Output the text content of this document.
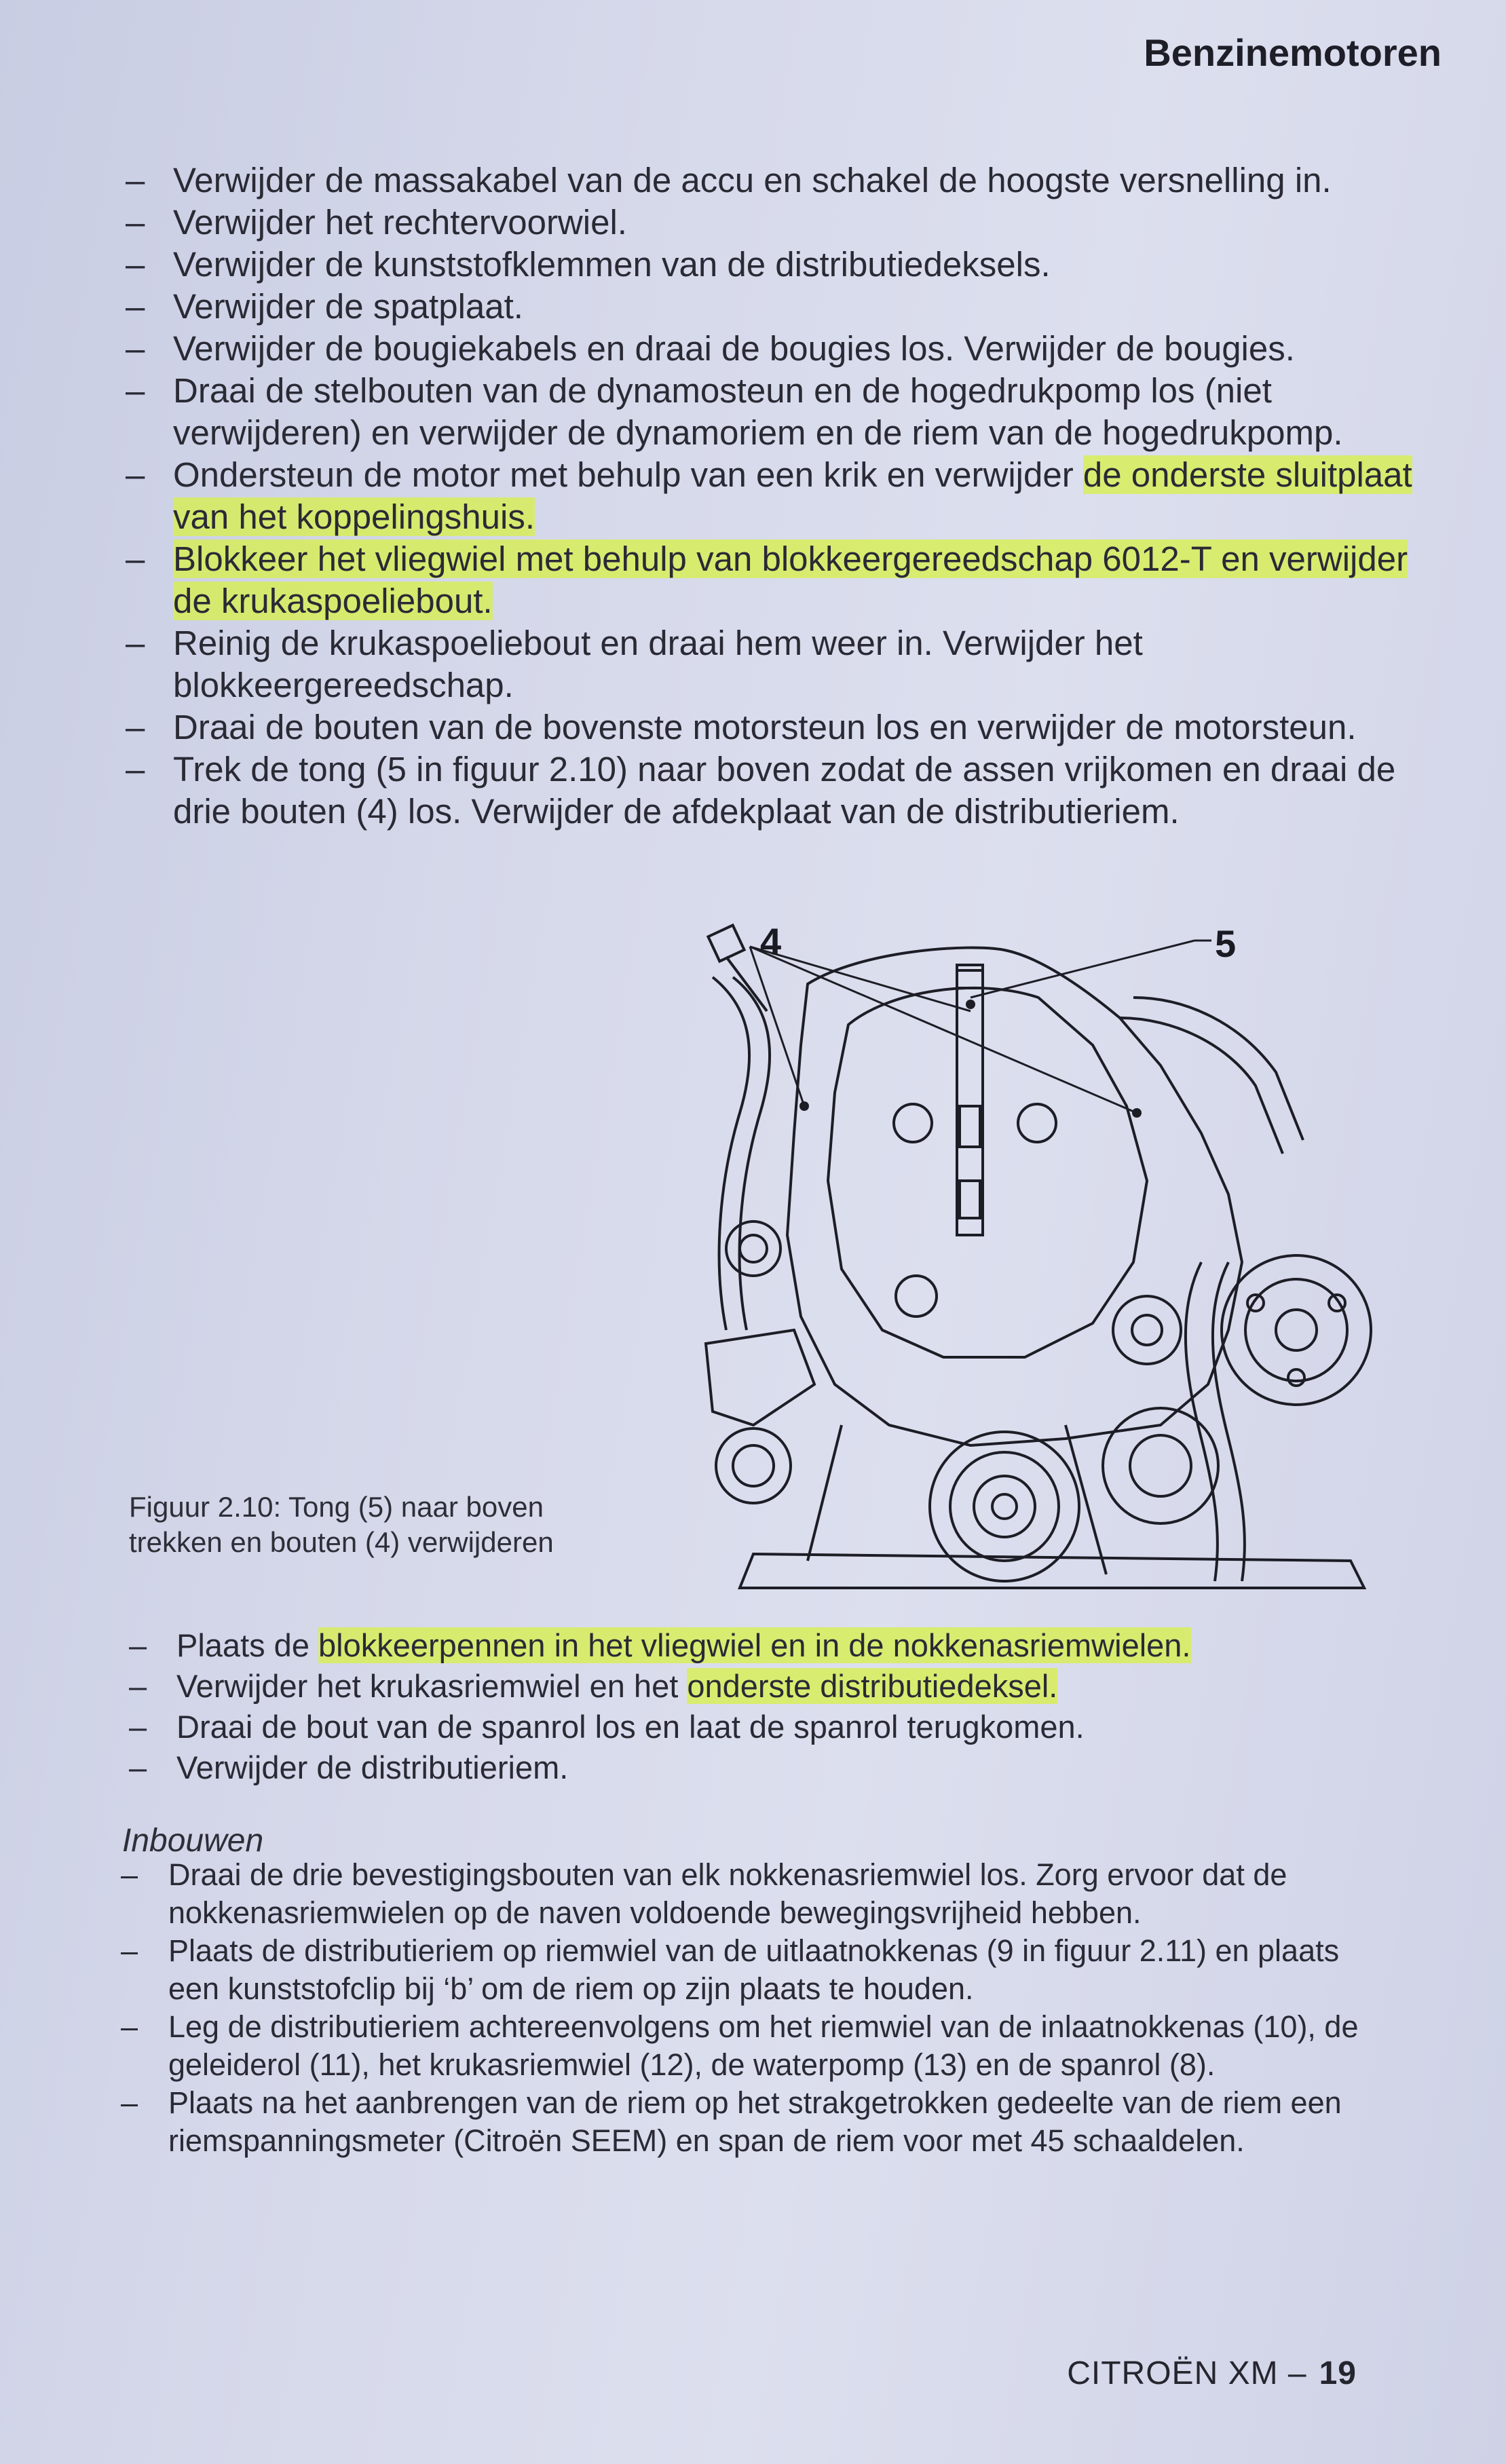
Benzinemotoren
– Verwijder de massakabel van de accu en schakel de hoogste versnelling in.
– Verwijder het rechtervoorwiel.
– Verwijder de kunststofklemmen van de distributiedeksels.
– Verwijder de spatplaat.
– Verwijder de bougiekabels en draai de bougies los. Verwijder de bougies.
– Draai de stelbouten van de dynamosteun en de hogedrukpomp los (niet verwijderen) en verwijder de dynamoriem en de riem van de hogedrukpomp.
– Ondersteun de motor met behulp van een krik en verwijder de onderste sluitplaat van het koppelingshuis.
– Blokkeer het vliegwiel met behulp van blokkeergereedschap 6012-T en verwijder de krukaspoeliebout.
– Reinig de krukaspoeliebout en draai hem weer in. Verwijder het blokkeergereedschap.
– Draai de bouten van de bovenste motorsteun los en verwijder de motorsteun.
– Trek de tong (5 in figuur 2.10) naar boven zodat de assen vrijkomen en draai de drie bouten (4) los. Verwijder de afdekplaat van de distributieriem.
4	5
Figuur 2.10: Tong (5) naar boven trekken en bouten (4) verwijderen
– Plaats de blokkeerpennen in het vliegwiel en in de nokkenasriemwielen.
– Verwijder het krukasriemwiel en het onderste distributiedeksel.
– Draai de bout van de spanrol los en laat de spanrol terugkomen.
– Verwijder de distributieriem.
Inbouwen
– Draai de drie bevestigingsbouten van elk nokkenasriemwiel los. Zorg ervoor dat de nokkenasriemwielen op de naven voldoende bewegingsvrijheid hebben.
– Plaats de distributieriem op riemwiel van de uitlaatnokkenas (9 in figuur 2.11) en plaats een kunststofclip bij ‘b’ om de riem op zijn plaats te houden.
– Leg de distributieriem achtereenvolgens om het riemwiel van de inlaatnokkenas (10), de geleiderol (11), het krukasriemwiel (12), de waterpomp (13) en de spanrol (8).
– Plaats na het aanbrengen van de riem op het strakgetrokken gedeelte van de riem een riemspanningsmeter (Citroën SEEM) en span de riem voor met 45 schaaldelen.
CITROËN XM – 19
